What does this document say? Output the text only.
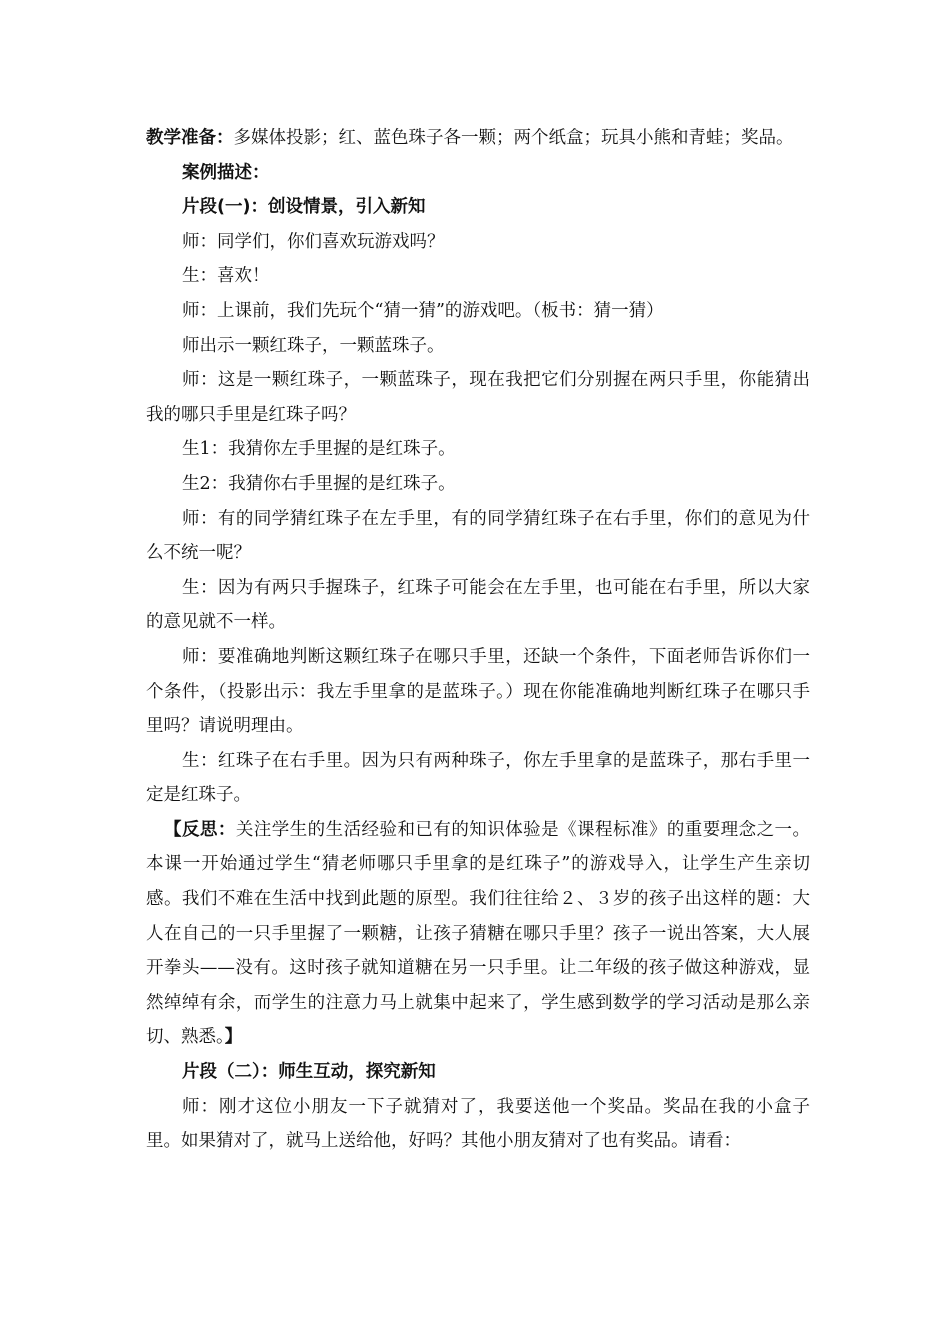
教学准备：多媒体投影；红、蓝色珠子各一颗；两个纸盒；玩具小熊和青蛙；奖品。

案例描述：

片段(一)：创设情景，引入新知

师：同学们，你们喜欢玩游戏吗？

生：喜欢！

师：上课前，我们先玩个“猜一猜”的游戏吧。（板书：猜一猜）

师出示一颗红珠子，一颗蓝珠子。

师：这是一颗红珠子，一颗蓝珠子，现在我把它们分别握在两只手里，你能猜出我的哪只手里是红珠子吗？

生1：我猜你左手里握的是红珠子。

生2：我猜你右手里握的是红珠子。

师：有的同学猜红珠子在左手里，有的同学猜红珠子在右手里，你们的意见为什么不统一呢？

生：因为有两只手握珠子，红珠子可能会在左手里，也可能在右手里，所以大家的意见就不一样。

师：要准确地判断这颗红珠子在哪只手里，还缺一个条件，下面老师告诉你们一个条件，（投影出示：我左手里拿的是蓝珠子。）现在你能准确地判断红珠子在哪只手里吗？请说明理由。

生：红珠子在右手里。因为只有两种珠子，你左手里拿的是蓝珠子，那右手里一定是红珠子。

【反思：关注学生的生活经验和已有的知识体验是《课程标准》的重要理念之一。本课一开始通过学生“猜老师哪只手里拿的是红珠子”的游戏导入，让学生产生亲切感。我们不难在生活中找到此题的原型。我们往往给２、３岁的孩子出这样的题：大人在自己的一只手里握了一颗糖，让孩子猜糖在哪只手里？孩子一说出答案，大人展开拳头——没有。这时孩子就知道糖在另一只手里。让二年级的孩子做这种游戏，显然绰绰有余，而学生的注意力马上就集中起来了，学生感到数学的学习活动是那么亲切、熟悉。】

片段（二）：师生互动，探究新知

师：刚才这位小朋友一下子就猜对了，我要送他一个奖品。奖品在我的小盒子里。如果猜对了，就马上送给他，好吗？其他小朋友猜对了也有奖品。请看：
